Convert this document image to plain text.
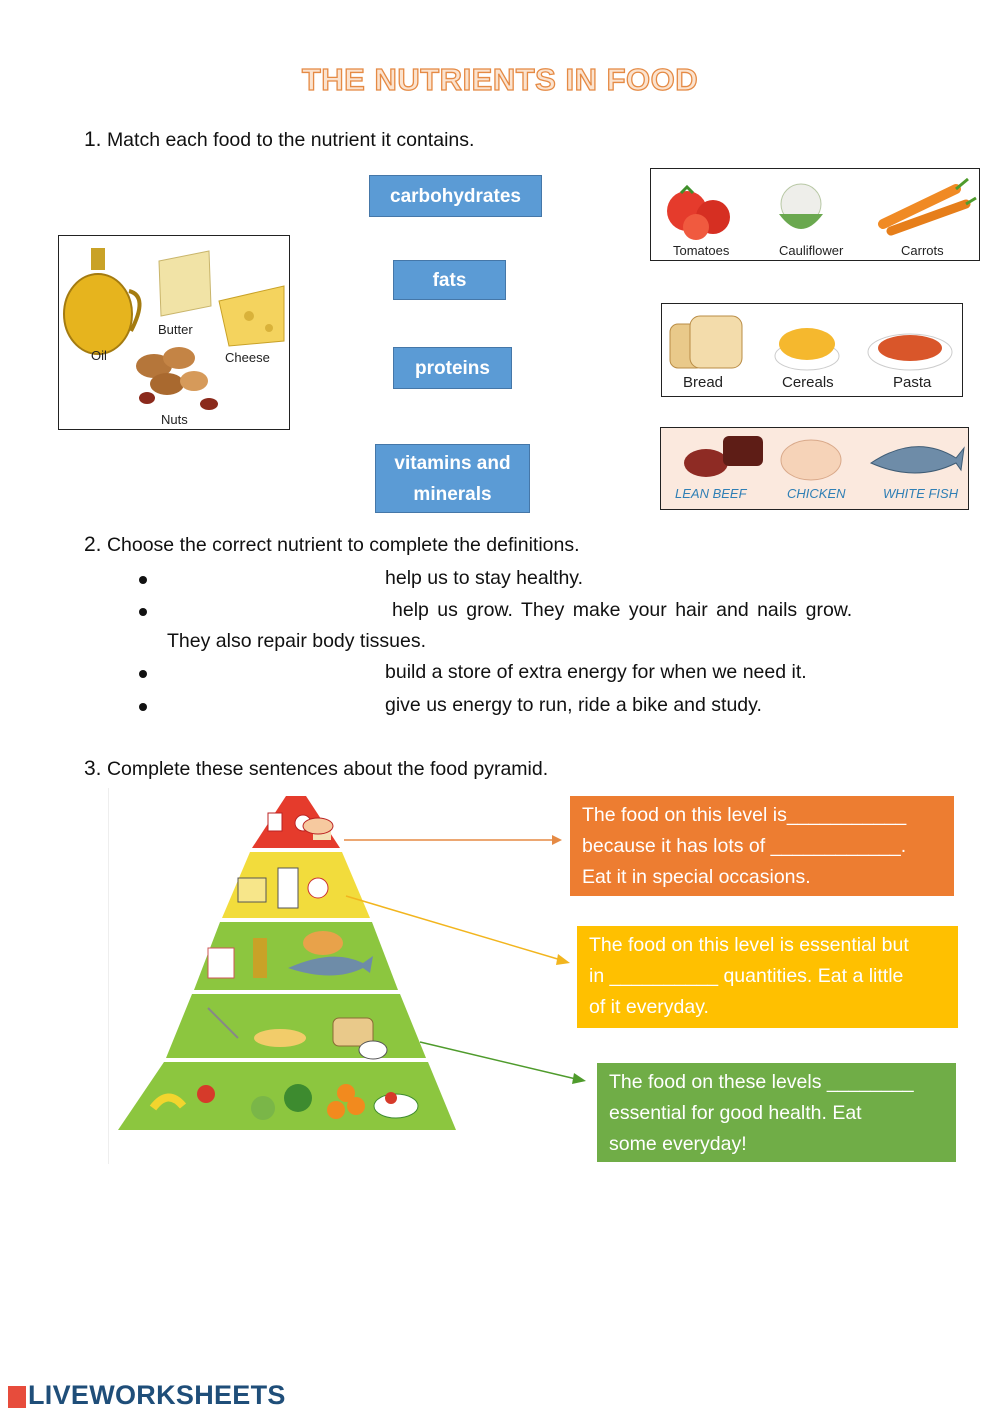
THE NUTRIENTS IN FOOD
1. Match each food to the nutrient it contains.
carbohydrates
fats
proteins
vitamins and minerals
Oil
Butter
Cheese
Nuts
Tomatoes	Cauliflower	Carrots
Bread	Cereals	Pasta
LEAN BEEF	CHICKEN	WHITE FISH
2. Choose the correct nutrient to complete the definitions.
help us to stay healthy.
help us grow. They make your hair and nails grow.
They also repair body tissues.
build a store of extra energy for when we need it.
give us energy to run, ride a bike and study.
3. Complete these sentences about the food pyramid.
The food on this level is___________
because it has lots of ____________.
Eat it in special occasions.
The food on this level is essential but
in __________ quantities. Eat a little
of it everyday.
The food on these levels ________
essential for good health. Eat
some everyday!
LIVEWORKSHEETS
